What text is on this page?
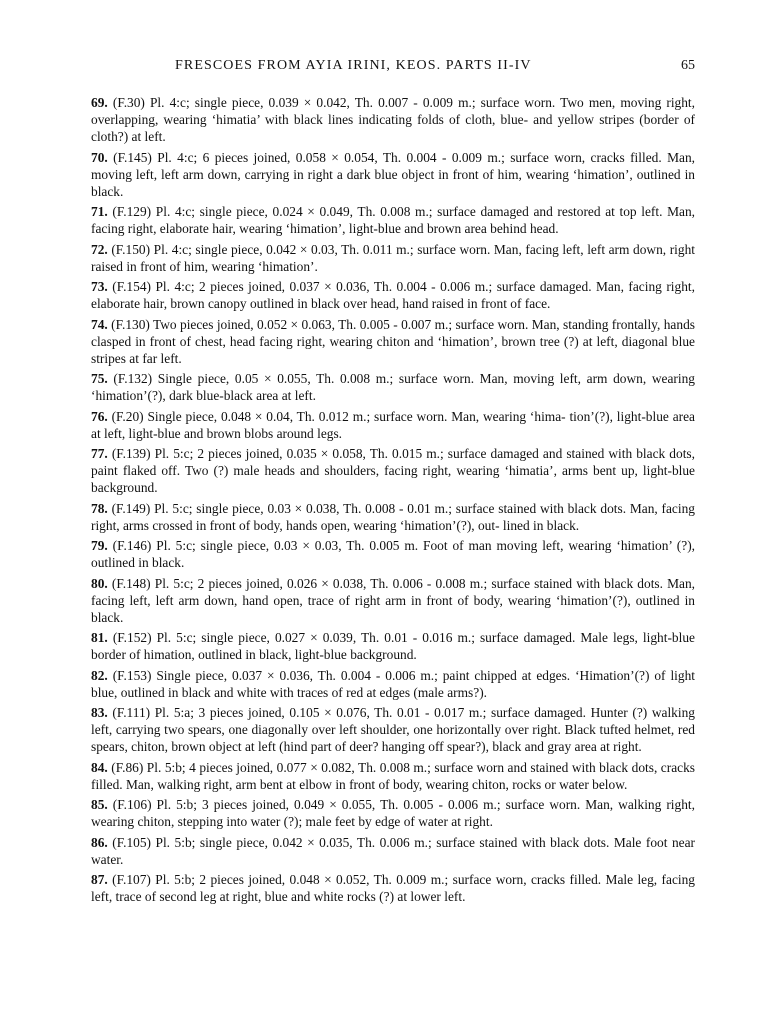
FRESCOES FROM AYIA IRINI, KEOS. PARTS II-IV	65

69. (F.30) Pl. 4:c; single piece, 0.039 × 0.042, Th. 0.007 - 0.009 m.; surface worn. Two men, moving right, overlapping, wearing ‘himatia’ with black lines indicating folds of cloth, blue- and yellow stripes (border of cloth?) at left.

70. (F.145) Pl. 4:c; 6 pieces joined, 0.058 × 0.054, Th. 0.004 - 0.009 m.; surface worn, cracks filled. Man, moving left, left arm down, carrying in right a dark blue object in front of him, wearing ‘himation’, outlined in black.

71. (F.129) Pl. 4:c; single piece, 0.024 × 0.049, Th. 0.008 m.; surface damaged and restored at top left. Man, facing right, elaborate hair, wearing ‘himation’, light-blue and brown area behind head.

72. (F.150) Pl. 4:c; single piece, 0.042 × 0.03, Th. 0.011 m.; surface worn. Man, facing left, left arm down, right raised in front of him, wearing ‘himation’.

73. (F.154) Pl. 4:c; 2 pieces joined, 0.037 × 0.036, Th. 0.004 - 0.006 m.; surface damaged. Man, facing right, elaborate hair, brown canopy outlined in black over head, hand raised in front of face.

74. (F.130) Two pieces joined, 0.052 × 0.063, Th. 0.005 - 0.007 m.; surface worn. Man, standing frontally, hands clasped in front of chest, head facing right, wearing chiton and ‘himation’, brown tree (?) at left, diagonal blue stripes at far left.

75. (F.132) Single piece, 0.05 × 0.055, Th. 0.008 m.; surface worn. Man, moving left, arm down, wearing ‘himation’(?), dark blue-black area at left.

76. (F.20) Single piece, 0.048 × 0.04, Th. 0.012 m.; surface worn. Man, wearing ‘hima- tion’(?), light-blue area at left, light-blue and brown blobs around legs.

77. (F.139) Pl. 5:c; 2 pieces joined, 0.035 × 0.058, Th. 0.015 m.; surface damaged and stained with black dots, paint flaked off. Two (?) male heads and shoulders, facing right, wearing ‘himatia’, arms bent up, light-blue background.

78. (F.149) Pl. 5:c; single piece, 0.03 × 0.038, Th. 0.008 - 0.01 m.; surface stained with black dots. Man, facing right, arms crossed in front of body, hands open, wearing ‘himation’(?), out- lined in black.

79. (F.146) Pl. 5:c; single piece, 0.03 × 0.03, Th. 0.005 m. Foot of man moving left, wearing ‘himation’ (?), outlined in black.

80. (F.148) Pl. 5:c; 2 pieces joined, 0.026 × 0.038, Th. 0.006 - 0.008 m.; surface stained with black dots. Man, facing left, left arm down, hand open, trace of right arm in front of body, wearing ‘himation’(?), outlined in black.

81. (F.152) Pl. 5:c; single piece, 0.027 × 0.039, Th. 0.01 - 0.016 m.; surface damaged. Male legs, light-blue border of himation, outlined in black, light-blue background.

82. (F.153) Single piece, 0.037 × 0.036, Th. 0.004 - 0.006 m.; paint chipped at edges. ‘Himation’(?) of light blue, outlined in black and white with traces of red at edges (male arms?).

83. (F.111) Pl. 5:a; 3 pieces joined, 0.105 × 0.076, Th. 0.01 - 0.017 m.; surface damaged. Hunter (?) walking left, carrying two spears, one diagonally over left shoulder, one horizontally over right. Black tufted helmet, red spears, chiton, brown object at left (hind part of deer? hanging off spear?), black and gray area at right.

84. (F.86) Pl. 5:b; 4 pieces joined, 0.077 × 0.082, Th. 0.008 m.; surface worn and stained with black dots, cracks filled. Man, walking right, arm bent at elbow in front of body, wearing chiton, rocks or water below.

85. (F.106) Pl. 5:b; 3 pieces joined, 0.049 × 0.055, Th. 0.005 - 0.006 m.; surface worn. Man, walking right, wearing chiton, stepping into water (?); male feet by edge of water at right.

86. (F.105) Pl. 5:b; single piece, 0.042 × 0.035, Th. 0.006 m.; surface stained with black dots. Male foot near water.

87. (F.107) Pl. 5:b; 2 pieces joined, 0.048 × 0.052, Th. 0.009 m.; surface worn, cracks filled. Male leg, facing left, trace of second leg at right, blue and white rocks (?) at lower left.
